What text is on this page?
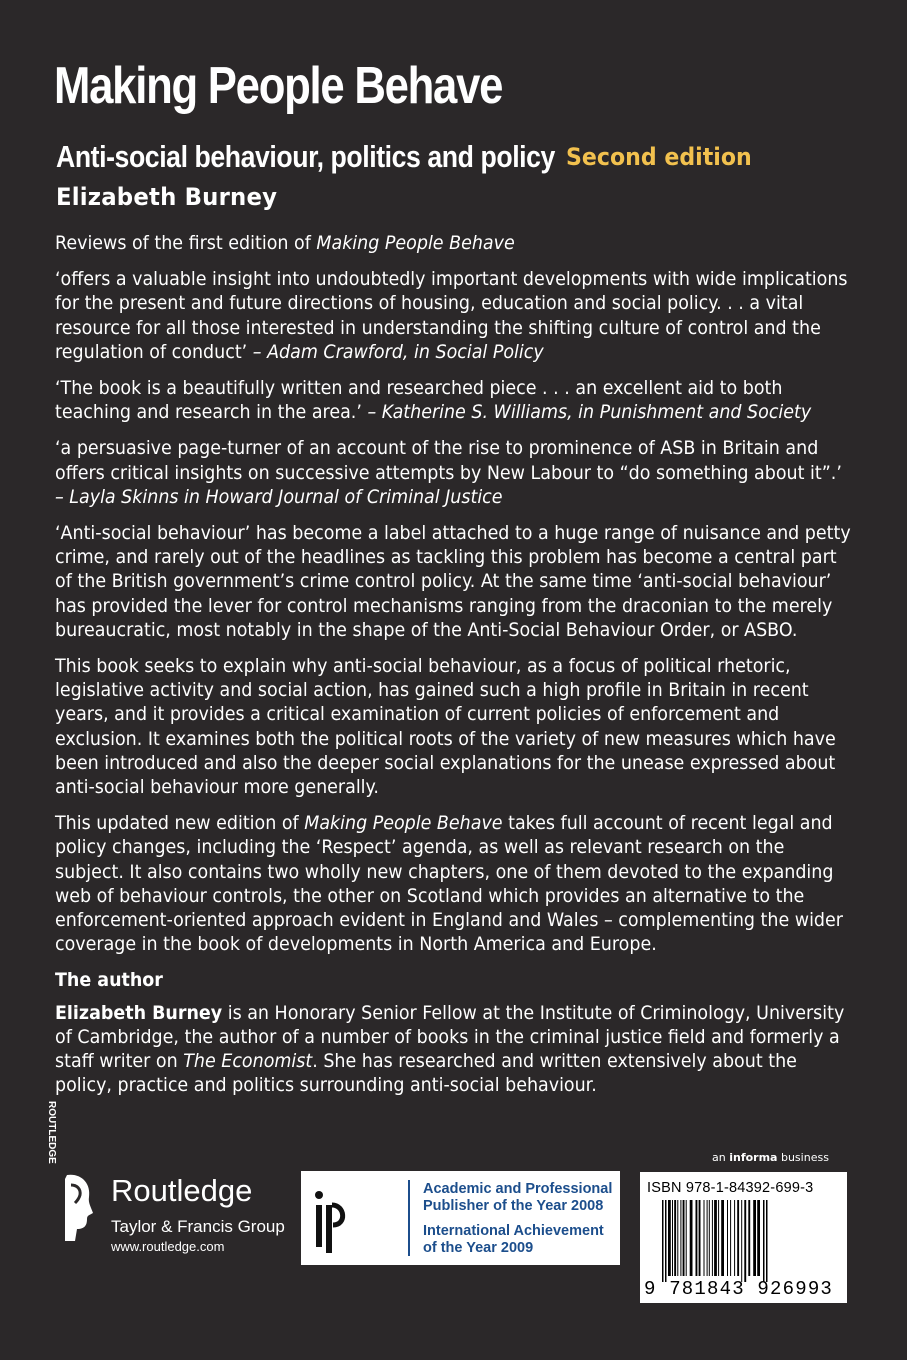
Making People Behave
Anti-social behaviour, politics and policy Second edition
Elizabeth Burney

Reviews of the first edition of Making People Behave

‘offers a valuable insight into undoubtedly important developments with wide implications for the present and future directions of housing, education and social policy. . . a vital resource for all those interested in understanding the shifting culture of control and the regulation of conduct’ – Adam Crawford, in Social Policy

‘The book is a beautifully written and researched piece . . . an excellent aid to both teaching and research in the area.’ – Katherine S. Williams, in Punishment and Society

‘a persuasive page-turner of an account of the rise to prominence of ASB in Britain and offers critical insights on successive attempts by New Labour to “do something about it”.’
– Layla Skinns in Howard Journal of Criminal Justice

‘Anti-social behaviour’ has become a label attached to a huge range of nuisance and petty crime, and rarely out of the headlines as tackling this problem has become a central part of the British government’s crime control policy. At the same time ‘anti-social behaviour’ has provided the lever for control mechanisms ranging from the draconian to the merely bureaucratic, most notably in the shape of the Anti-Social Behaviour Order, or ASBO.

This book seeks to explain why anti-social behaviour, as a focus of political rhetoric, legislative activity and social action, has gained such a high profile in Britain in recent years, and it provides a critical examination of current policies of enforcement and exclusion. It examines both the political roots of the variety of new measures which have been introduced and also the deeper social explanations for the unease expressed about anti-social behaviour more generally.

This updated new edition of Making People Behave takes full account of recent legal and policy changes, including the ‘Respect’ agenda, as well as relevant research on the subject. It also contains two wholly new chapters, one of them devoted to the expanding web of behaviour controls, the other on Scotland which provides an alternative to the enforcement-oriented approach evident in England and Wales – complementing the wider coverage in the book of developments in North America and Europe.

The author

Elizabeth Burney is an Honorary Senior Fellow at the Institute of Criminology, University of Cambridge, the author of a number of books in the criminal justice field and formerly a staff writer on The Economist. She has researched and written extensively about the policy, practice and politics surrounding anti-social behaviour.

an informa business
ROUTLEDGE
Routledge
Taylor & Francis Group
www.routledge.com
Academic and Professional Publisher of the Year 2008
International Achievement of the Year 2009
ISBN 978-1-84392-699-3
9 781843 926993
